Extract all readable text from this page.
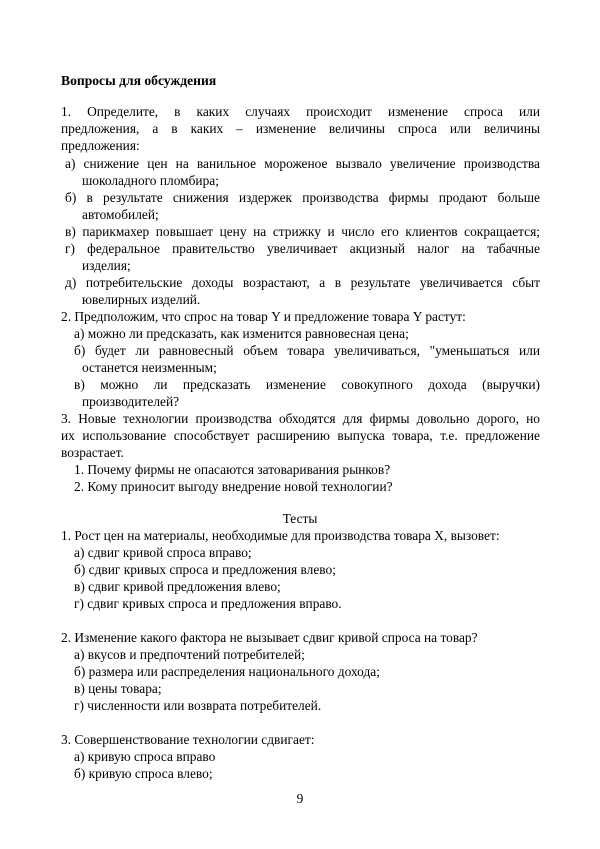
Вопросы для обсуждения
1. Определите, в каких случаях происходит изменение спроса или
предложения, а в каких – изменение величины спроса или величины
предложения:
а) снижение цен на ванильное мороженое вызвало увеличение производства
шоколадного пломбира;
б) в результате снижения издержек производства фирмы продают больше
автомобилей;
в) парикмахер повышает цену на стрижку и число его клиентов сокращается;
г) федеральное правительство увеличивает акцизный налог на табачные
изделия;
д) потребительские доходы возрастают, а в результате увеличивается сбыт
ювелирных изделий.
2. Предположим, что спрос на товар Y и предложение товара Y растут:
а) можно ли предсказать, как изменится равновесная цена;
б) будет ли равновесный объем товара увеличиваться, "уменьшаться или
останется неизменным;
в) можно ли предсказать изменение совокупного дохода (выручки)
производителей?
3. Новые технологии производства обходятся для фирмы довольно дорого, но
их использование способствует расширению выпуска товара, т.е. предложение
возрастает.
1. Почему фирмы не опасаются затоваривания рынков?
2. Кому приносит выгоду внедрение новой технологии?
Тесты
1. Рост цен на материалы, необходимые для производства товара X, вызовет:
а) сдвиг кривой спроса вправо;
б) сдвиг кривых спроса и предложения влево;
в) сдвиг кривой предложения влево;
г) сдвиг кривых спроса и предложения вправо.
2. Изменение какого фактора не вызывает сдвиг кривой спроса на товар?
а) вкусов и предпочтений потребителей;
б) размера или распределения национального дохода;
в) цены товара;
г) численности или возврата потребителей.
3. Совершенствование технологии сдвигает:
а) кривую спроса вправо
б) кривую спроса влево;
9
